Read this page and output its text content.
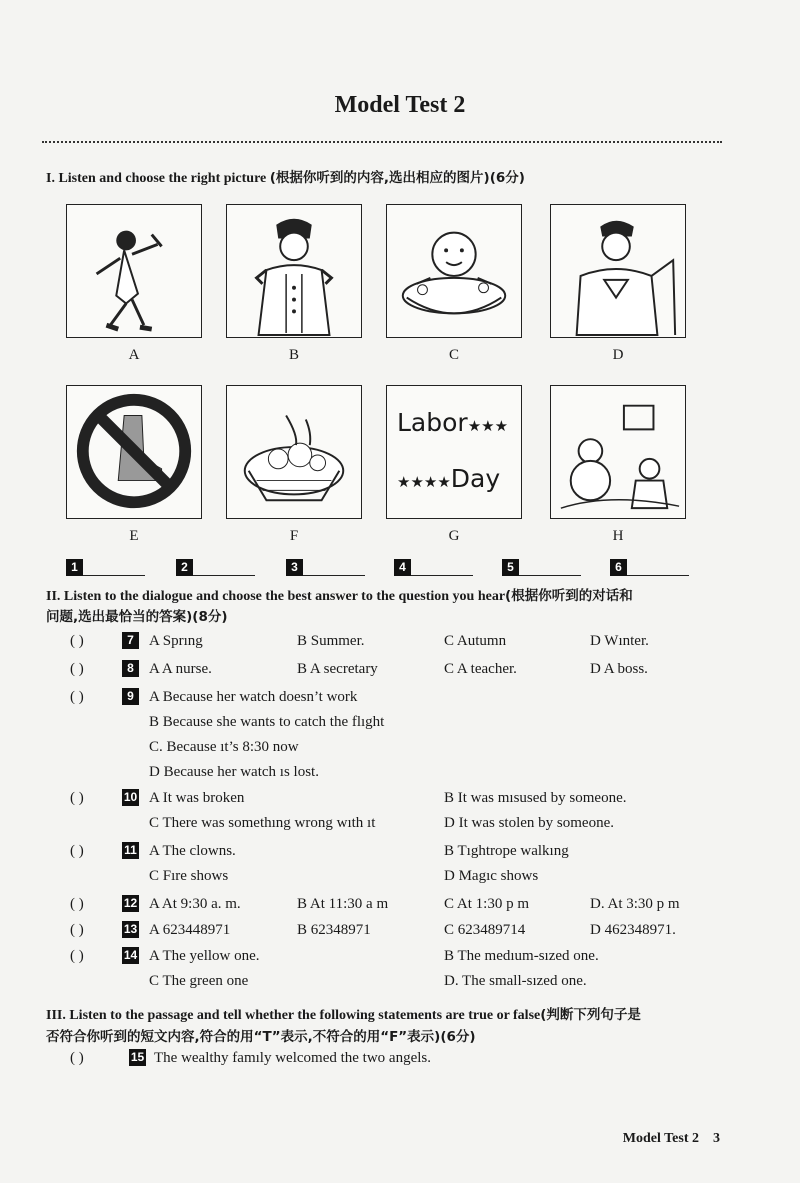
Model Test 2
I. Listen and choose the right picture (根据你听到的内容,选出相应的图片)(6分)
A	B	C	D
Labor★★★
★★★★Day
E	F	G	H
1	2	3	4	5	6
II. Listen to the dialogue and choose the best answer to the question you hear(根据你听到的对话和
问题,选出最恰当的答案)(8分)
( )	7	A Sprıng	B Summer.	C Autumn	D Wınter.
( )	8	A A nurse.	B A secretary	C A teacher.	D A boss.
( )	9	A Because her watch doesn’t work
B Because she wants to catch the flıght
C. Because ıt’s 8:30 now
D Because her watch ıs lost.
( )	10 A It was broken	B It was mısused by someone.
C There was somethıng wrong wıth ıt	D It was stolen by someone.
( )	11 A The clowns.	B Tıghtrope walkıng
C Fıre shows	D Magıc shows
( )	12 A At 9:30 a. m.	B At 11:30 a m	C At 1:30 p m	D. At 3:30 p m
( )	13 A 623448971	B 62348971	C 623489714	D 462348971.
( )	14 A The yellow one.	B The medıum-sızed one.
C The green one	D. The small-sızed one.
III. Listen to the passage and tell whether the following statements are true or false(判断下列句子是
否符合你听到的短文内容,符合的用“T”表示,不符合的用“F”表示)(6分)
( )	15 The wealthy famıly welcomed the two angels.
Model Test 2    3
